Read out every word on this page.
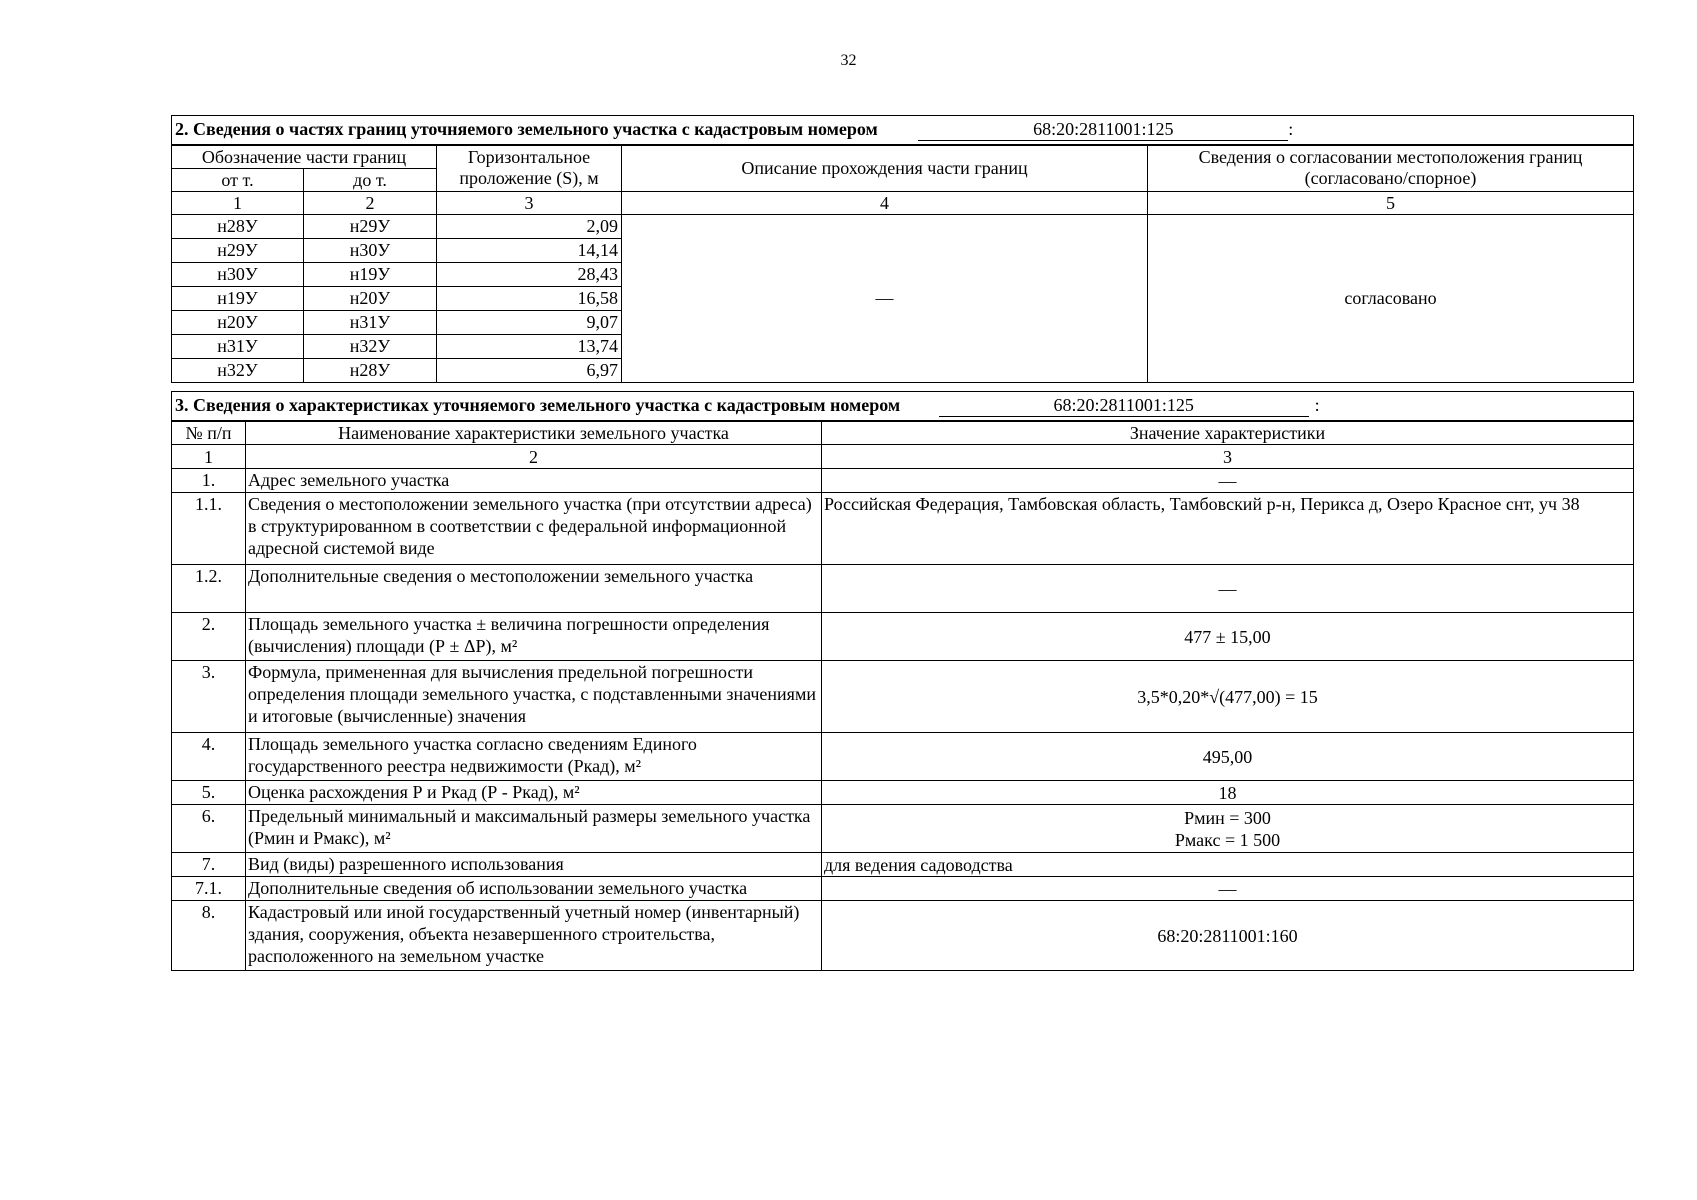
32
2. Сведения о частях границ уточняемого земельного участка с кадастровым номером 68:20:2811001:125 :				
Обозначение части границ		Горизонтальное проложение (S), м	Описание прохождения части границ	Сведения о согласовании местоположения границ (согласовано/спорное)
от т.	до т.			
1	2	3	4	5
н28У	н29У	2,09	—	согласовано
н29У	н30У	14,14		
н30У	н19У	28,43		
н19У	н20У	16,58		
н20У	н31У	9,07		
н31У	н32У	13,74		
н32У	н28У	6,97		
3. Сведения о характеристиках уточняемого земельного участка с кадастровым номером 68:20:2811001:125 :		
№ п/п	Наименование характеристики земельного участка	Значение характеристики
1	2	3
1.	Адрес земельного участка	—
1.1.	Сведения о местоположении земельного участка (при отсутствии адреса) в структурированном в соответствии с федеральной информационной адресной системой виде	Российская Федерация, Тамбовская область, Тамбовский р-н, Перикса д, Озеро Красное снт, уч 38
1.2.	Дополнительные сведения о местоположении земельного участка	—
2.	Площадь земельного участка ± величина погрешности определения (вычисления) площади (Р ± ΔР), м²	477 ± 15,00
3.	Формула, примененная для вычисления предельной погрешности определения площади земельного участка, с подставленными значениями и итоговые (вычисленные) значения	3,5*0,20*√(477,00) = 15
4.	Площадь земельного участка согласно сведениям Единого государственного реестра недвижимости (Ркад), м²	495,00
5.	Оценка расхождения Р и Ркад (Р - Ркад), м²	18
6.	Предельный минимальный и максимальный размеры земельного участка (Рмин и Рмакс), м²	Рмин = 300
Рмакс = 1 500
7.	Вид (виды) разрешенного использования	для ведения садоводства
7.1.	Дополнительные сведения об использовании земельного участка	—
8.	Кадастровый или иной государственный учетный номер (инвентарный) здания, сооружения, объекта незавершенного строительства, расположенного на земельном участке	68:20:2811001:160
